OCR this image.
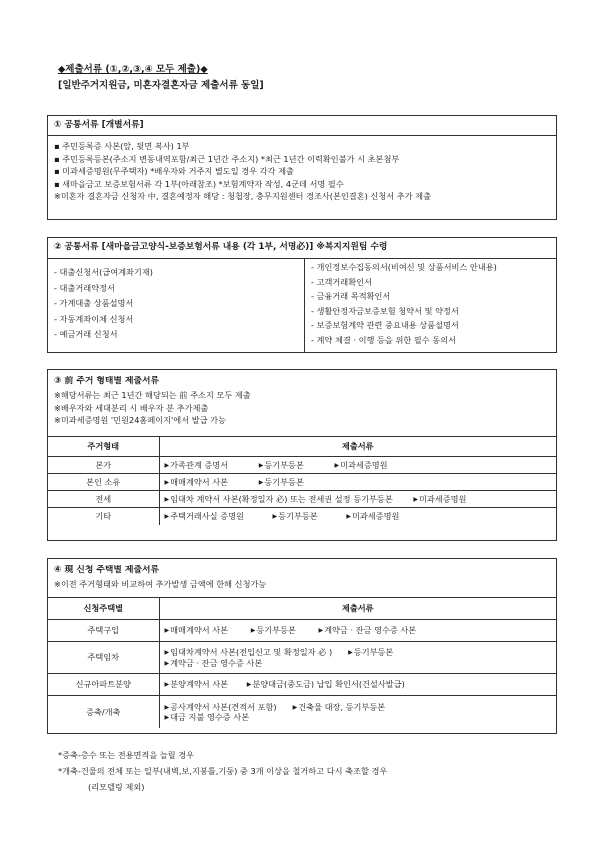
◆제출서류 (①,②,③,④ 모두 제출)◆
[일반주거지원금, 미혼자결혼자금 제출서류 동일]
① 공통서류 [개별서류]
▪ 주민등록증 사본(앞, 뒷면 복사) 1부
▪ 주민등록등본(주소지 변동내역포함/최근 1년간 주소지) *최근 1년간 이력확인불가 시 초본첨부
▪ 미과세증명원(무주택자) *배우자와 거주지 별도일 경우 각각 제출
▪ 새마을금고 보증보험서류 각 1부(아래참조) *보험계약자 작성, 4군데 서명 필수
※미혼자 결혼자금 신청자 中, 결혼예정자 해당 : 청첩장, 충무지원센터 경조사(본인결혼) 신청서 추가 제출
② 공통서류 [새마을금고양식-보증보험서류 내용 (각 1부, 서명必)] ※복지지원팀 수령
- 대출신청서(급여계좌기재)
- 대출거래약정서
- 가계대출 상품설명서
- 자동계좌이체 신청서
- 예금거래 신청서
- 개인정보수집동의서(비여신 및 상품서비스 안내용)
- 고객거래확인서
- 금융거래 목적확인서
- 생활안정자금보증보험 청약서 및 약정서
- 보증보험계약 관련 중요내용 상품설명서
- 계약 체결 · 이행 등을 위한 필수 동의서
③ 前 주거 형태별 제출서류
※해당서류는 최근 1년간 해당되는 前 주소지 모두 제출
※배우자와 세대분리 시 배우자 분 추가제출
※미과세증명원 '민원24홈페이지'에서 발급 가능
주거형태	제출서류
본가	▶가족관계 증명서 ▶등기부등본 ▶미과세증명원
본인 소유	▶매매계약서 사본 ▶등기부등본
전세	▶임대차 계약서 사본(확정일자 必) 또는 전세권 설정 등기부등본 ▶미과세증명원
기타	▶주택거래사실 증명원 ▶등기부등본 ▶미과세증명원
④ 現 신청 주택별 제출서류
※이전 주거형태와 비교하여 추가발생 금액에 한해 신청가능
신청주택별	제출서류
주택구입	▶매매계약서 사본 ▶등기부등본 ▶계약금 · 잔금 영수증 사본
주택임차	▶임대차계약서 사본(전입신고 및 확정일자 必 ) ▶등기부등본
▶계약금 · 잔금 영수증 사본

신규아파트분양	▶분양계약서 사본 ▶분양대금(중도금) 납입 확인서(건설사발급)
증축/개축	▶공사계약서 사본(견적서 포함) ▶건축물 대장, 등기부등본
▶대금 지불 영수증 사본
*증축-층수 또는 전용면적을 늘릴 경우
*개축-건물의 전체 또는 일부(내벽,보,지붕틀,기둥) 중 3개 이상을 철거하고 다시 축조할 경우
(리모델링 제외)
